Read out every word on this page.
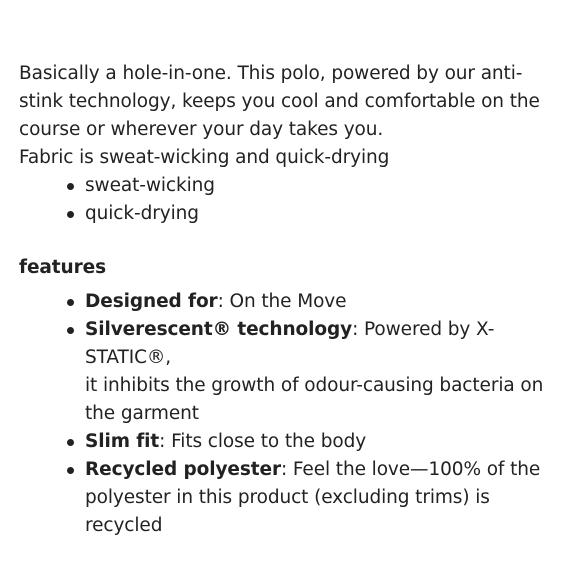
Basically a hole-in-one. This polo, powered by our anti-
stink technology, keeps you cool and comfortable on the
course or wherever your day takes you.
Fabric is sweat-wicking and quick-drying

sweat-wicking
quick-drying

features

Designed for: On the Move
Silverescent® technology: Powered by X-STATIC®,
it inhibits the growth of odour-causing bacteria on
the garment
Slim fit: Fits close to the body
Recycled polyester: Feel the love—100% of the
polyester in this product (excluding trims) is
recycled
